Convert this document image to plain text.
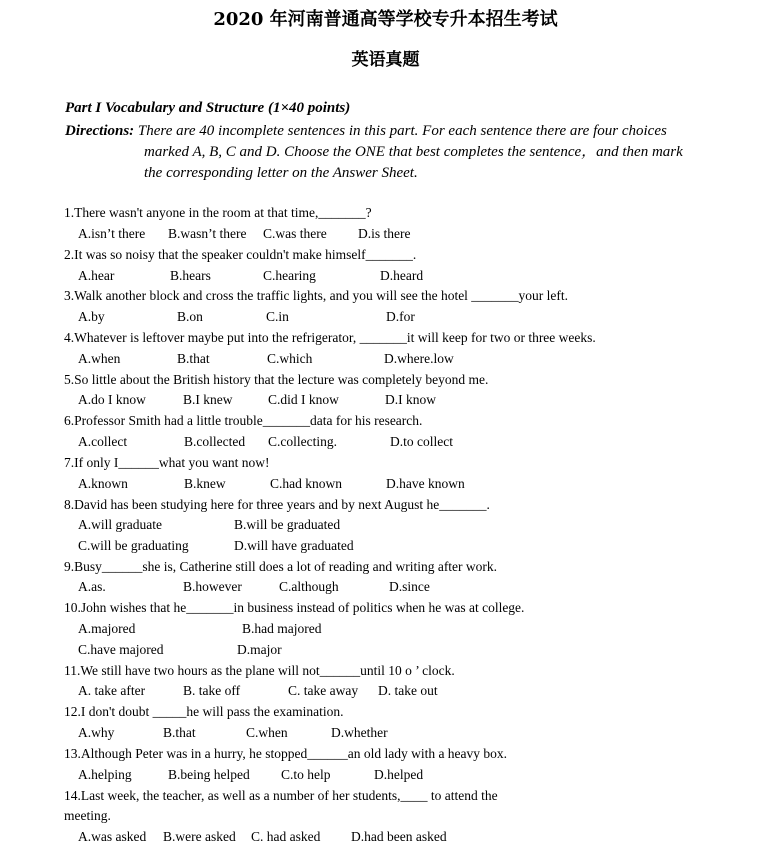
2020 年河南普通高等学校专升本招生考试
英语真题
Part I Vocabulary and Structure (1×40 points)
Directions: There are 40 incomplete sentences in this part. For each sentence there are four choices
marked A, B, C and D. Choose the ONE that best completes the sentence，and then mark
the corresponding letter on the Answer Sheet.
1.There wasn't anyone in the room at that time,_______?
A.isn’t there B.wasn’t there C.was there D.is there
2.It was so noisy that the speaker couldn't make himself_______.
A.hear	B.hears	C.hearing	D.heard
3.Walk another block and cross the traffic lights, and you will see the hotel _______your left.
A.by	B.on	C.in	D.for
4.Whatever is leftover maybe put into the refrigerator, _______it will keep for two or three weeks.
A.when	B.that	C.which	D.where.low
5.So little about the British history that the lecture was completely beyond me.
A.do I know	B.I knew	C.did I know	D.I know
6.Professor Smith had a little trouble_______data for his research.
A.collect	B.collected C.collecting.	D.to collect
7.If only I______what you want now!
A.known	B.knew	C.had known	D.have known
8.David has been studying here for three years and by next August he_______.
A.will graduate	B.will be graduated
C.will be graduating	D.will have graduated
9.Busy______she is, Catherine still does a lot of reading and writing after work.
A.as.	B.however	C.although	D.since
10.John wishes that he_______in business instead of politics when he was at college.
A.majored	B.had majored
C.have majored	D.major
11.We still have two hours as the plane will not______until 10 o ’ clock.
A. take after	B. take off	C. take away D. take out
12.I don't doubt _____he will pass the examination.
A.why	B.that	C.when	D.whether
13.Although Peter was in a hurry, he stopped______an old lady with a heavy box.
A.helping	B.being helped C.to help	D.helped
14.Last week, the teacher, as well as a number of her students,____ to attend the
meeting.
A.was asked B.were asked C. had asked D.had been asked
